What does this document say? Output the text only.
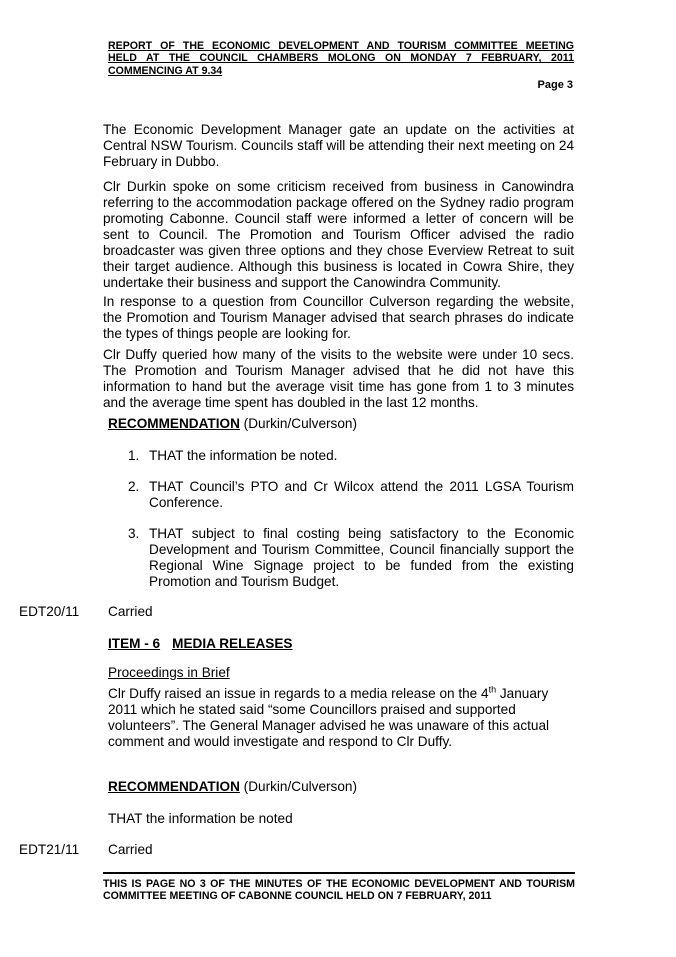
REPORT OF THE ECONOMIC DEVELOPMENT AND TOURISM COMMITTEE MEETING
HELD AT THE COUNCIL CHAMBERS MOLONG ON MONDAY 7 FEBRUARY, 2011
COMMENCING AT 9.34
Page 3
The Economic Development Manager gate an update on the activities at Central NSW Tourism. Councils staff will be attending their next meeting on 24 February in Dubbo.
Clr Durkin spoke on some criticism received from business in Canowindra referring to the accommodation package offered on the Sydney radio program promoting Cabonne. Council staff were informed a letter of concern will be sent to Council. The Promotion and Tourism Officer advised the radio broadcaster was given three options and they chose Everview Retreat to suit their target audience. Although this business is located in Cowra Shire, they undertake their business and support the Canowindra Community.
In response to a question from Councillor Culverson regarding the website, the Promotion and Tourism Manager advised that search phrases do indicate the types of things people are looking for.
Clr Duffy queried how many of the visits to the website were under 10 secs. The Promotion and Tourism Manager advised that he did not have this information to hand but the average visit time has gone from 1 to 3 minutes and the average time spent has doubled in the last 12 months.
RECOMMENDATION (Durkin/Culverson)
1. THAT the information be noted.
2. THAT Council’s PTO and Cr Wilcox attend the 2011 LGSA Tourism Conference.
3. THAT subject to final costing being satisfactory to the Economic Development and Tourism Committee, Council financially support the Regional Wine Signage project to be funded from the existing Promotion and Tourism Budget.
EDT20/11 Carried
ITEM - 6 MEDIA RELEASES
Proceedings in Brief
Clr Duffy raised an issue in regards to a media release on the 4th January 2011 which he stated said “some Councillors praised and supported volunteers”. The General Manager advised he was unaware of this actual comment and would investigate and respond to Clr Duffy.
RECOMMENDATION (Durkin/Culverson)
THAT the information be noted
EDT21/11 Carried
THIS IS PAGE NO 3 OF THE MINUTES OF THE ECONOMIC DEVELOPMENT AND TOURISM COMMITTEE MEETING OF CABONNE COUNCIL HELD ON 7 FEBRUARY, 2011
